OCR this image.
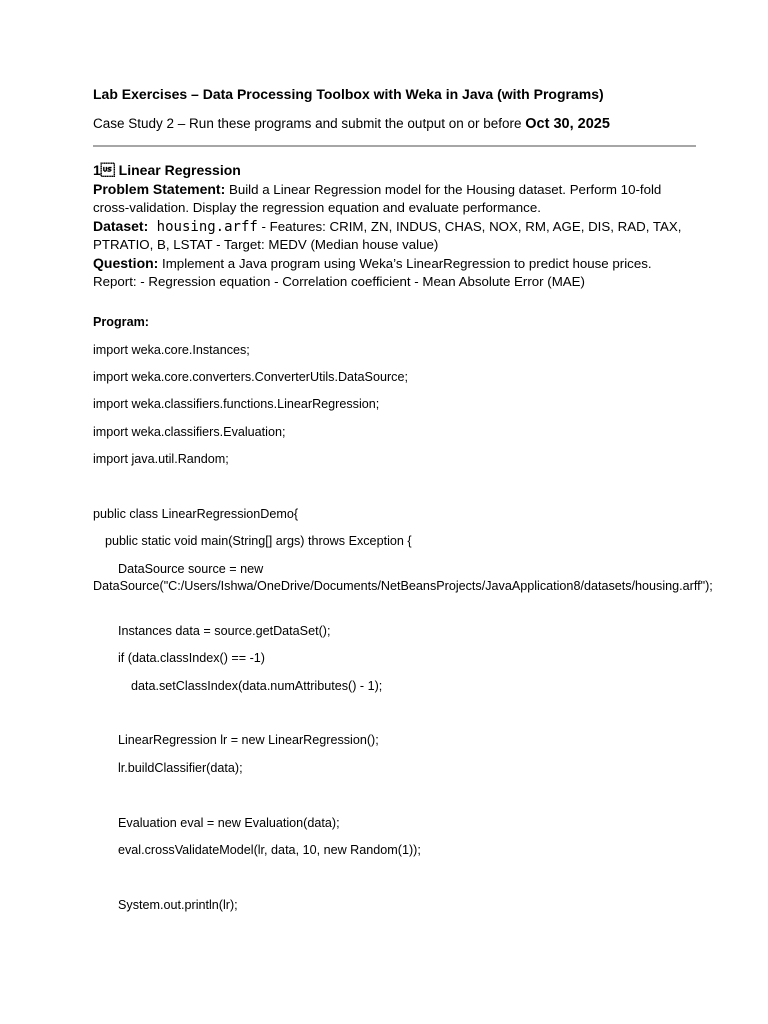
Lab Exercises – Data Processing Toolbox with Weka in Java (with Programs)
Case Study 2 – Run these programs and submit the output on or before Oct 30, 2025

1 Linear Regression

Problem Statement: Build a Linear Regression model for the Housing dataset. Perform 10-fold cross-validation. Display the regression equation and evaluate performance.

Dataset: housing.arff - Features: CRIM, ZN, INDUS, CHAS, NOX, RM, AGE, DIS, RAD, TAX, PTRATIO, B, LSTAT - Target: MEDV (Median house value)

Question: Implement a Java program using Weka’s LinearRegression to predict house prices. Report: - Regression equation - Correlation coefficient - Mean Absolute Error (MAE)

Program:
import weka.core.Instances;
import weka.core.converters.ConverterUtils.DataSource;
import weka.classifiers.functions.LinearRegression;
import weka.classifiers.Evaluation;
import java.util.Random;
public class LinearRegressionDemo{
public static void main(String[] args) throws Exception {
DataSource source = new DataSource("C:/Users/Ishwa/OneDrive/Documents/NetBeansProjects/JavaApplication8/datasets/housing.arff");
Instances data = source.getDataSet();
if (data.classIndex() == -1)
data.setClassIndex(data.numAttributes() - 1);
LinearRegression lr = new LinearRegression();
lr.buildClassifier(data);
Evaluation eval = new Evaluation(data);
eval.crossValidateModel(lr, data, 10, new Random(1));
System.out.println(lr);
